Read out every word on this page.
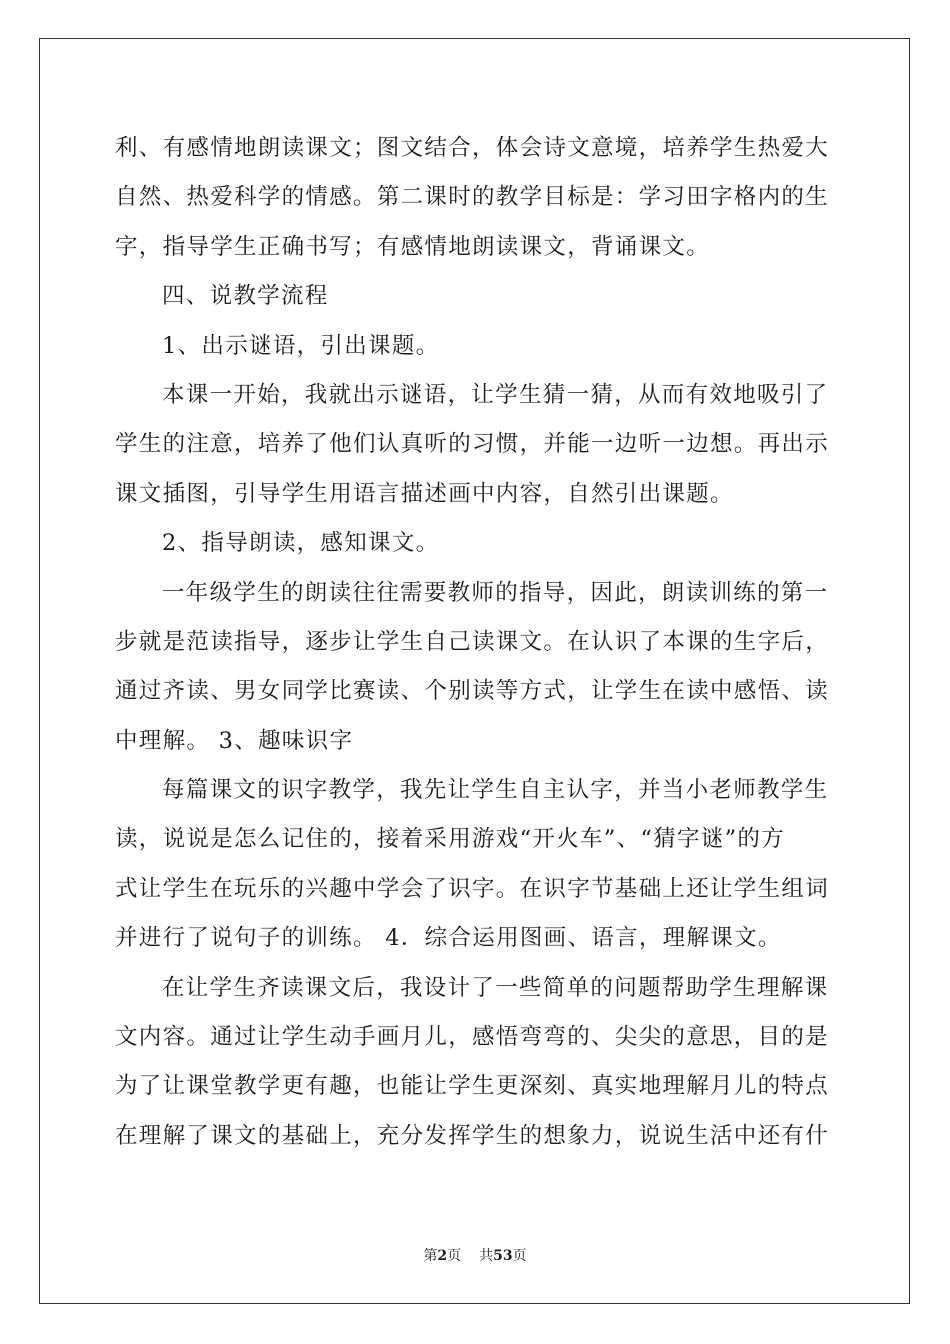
利、有感情地朗读课文；图文结合，体会诗文意境，培养学生热爱大
自然、热爱科学的情感。第二课时的教学目标是：学习田字格内的生
字，指导学生正确书写；有感情地朗读课文，背诵课文。
四、说教学流程
1、出示谜语，引出课题。
本课一开始，我就出示谜语，让学生猜一猜，从而有效地吸引了
学生的注意，培养了他们认真听的习惯，并能一边听一边想。再出示
课文插图，引导学生用语言描述画中内容，自然引出课题。
2、指导朗读，感知课文。
一年级学生的朗读往往需要教师的指导，因此，朗读训练的第一
步就是范读指导，逐步让学生自己读课文。在认识了本课的生字后，
通过齐读、男女同学比赛读、个别读等方式，让学生在读中感悟、读
中理解。 3、趣味识字
每篇课文的识字教学，我先让学生自主认字，并当小老师教学生
读，说说是怎么记住的，接着采用游戏“开火车”、“猜字谜”的方
式让学生在玩乐的兴趣中学会了识字。在识字节基础上还让学生组词
并进行了说句子的训练。 4．综合运用图画、语言，理解课文。
在让学生齐读课文后，我设计了一些简单的问题帮助学生理解课
文内容。通过让学生动手画月儿，感悟弯弯的、尖尖的意思，目的是
为了让课堂教学更有趣，也能让学生更深刻、真实地理解月儿的特点
在理解了课文的基础上，充分发挥学生的想象力，说说生活中还有什
第2页 共53页
